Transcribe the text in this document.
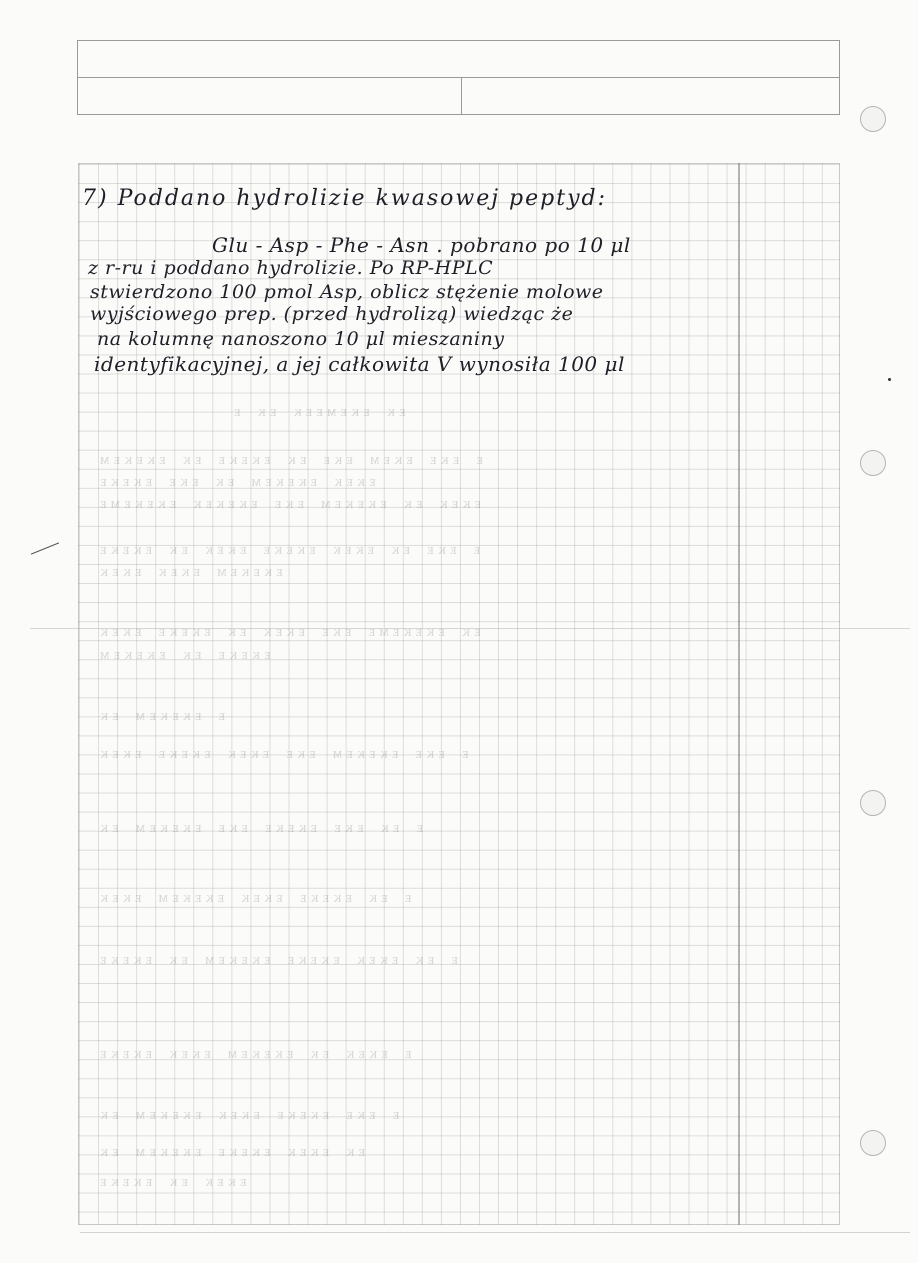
ᴇᴋ ᴇᴋᴇᴍᴇᴇᴋ ᴇᴋ ᴇ
ᴇ ᴇᴋᴇ ᴇᴋᴇᴍ ᴇᴋᴇ ᴇᴋ ᴇᴋᴇᴋᴇ ᴇᴋ ᴇᴋᴇᴋᴇᴍ
ᴇᴋᴇᴋ ᴇᴋᴇᴋᴇᴍ ᴇᴋ ᴇᴋᴇ ᴇᴋᴇᴋᴇ
ᴇᴋᴇᴋ ᴇᴋ ᴇᴋᴇᴋᴇᴍ ᴇᴋᴇ ᴇᴋᴇᴋᴇᴋ ᴇᴋᴇᴋᴇᴍᴇ
ᴇ ᴇᴋᴇ ᴇᴋ ᴇᴋᴇᴋ ᴇᴋᴇᴋᴇ ᴇᴋᴇᴋ ᴇᴋ ᴇᴋᴇᴋᴇ
ᴇᴋᴇᴋᴇᴍ ᴇᴋᴇᴋ ᴇᴋᴇᴋ
ᴇᴋ ᴇᴋᴇᴋᴇᴍᴇ ᴇᴋᴇ ᴇᴋᴇᴋ ᴇᴋ ᴇᴋᴇᴋᴇ ᴇᴋᴇᴋ
ᴇᴋᴇᴋᴇ ᴇᴋ ᴇᴋᴇᴋᴇᴍ
ᴇ ᴇᴋᴇᴋᴇᴍ ᴇᴋ
ᴇ ᴇᴋᴇ ᴇᴋᴇᴋᴇᴍ ᴇᴋᴇ ᴇᴋᴇᴋ ᴇᴋᴇᴋᴇ ᴇᴋᴇᴋ
ᴇ ᴇᴋ ᴇᴋᴇ ᴇᴋᴇᴋᴇ ᴇᴋᴇ ᴇᴋᴇᴋᴇᴍ ᴇᴋ
ᴇ ᴇᴋ ᴇᴋᴇᴋᴇ ᴇᴋᴇᴋ ᴇᴋᴇᴋᴇᴍ ᴇᴋᴇᴋ
ᴇ ᴇᴋ ᴇᴋᴇᴋ ᴇᴋᴇᴋᴇ ᴇᴋᴇᴋᴇᴍ ᴇᴋ ᴇᴋᴇᴋᴇ
ᴇ ᴇᴋᴇᴋ ᴇᴋ ᴇᴋᴇᴋᴇᴍ ᴇᴋᴇᴋ ᴇᴋᴇᴋᴇ
ᴇ ᴇᴋᴇ ᴇᴋᴇᴋᴇ ᴇᴋᴇᴋ ᴇᴋᴇᴋᴇᴍ ᴇᴋ
ᴇᴋ ᴇᴋᴇᴋ ᴇᴋᴇᴋᴇ ᴇᴋᴇᴋᴇᴍ ᴇᴋ
ᴇᴋᴇᴋ ᴇᴋ ᴇᴋᴇᴋᴇ
7) Poddano hydrolizie kwasowej peptyd:
Glu - Asp - Phe - Asn . pobrano po 10 μl
z r-ru i poddano hydrolizie. Po RP-HPLC
stwierdzono 100 pmol Asp, oblicz stężenie molowe
wyjściowego prep. (przed hydrolizą) wiedząc że
na kolumnę nanoszono 10 μl mieszaniny
identyfikacyjnej, a jej całkowita V wynosiła 100 μl
